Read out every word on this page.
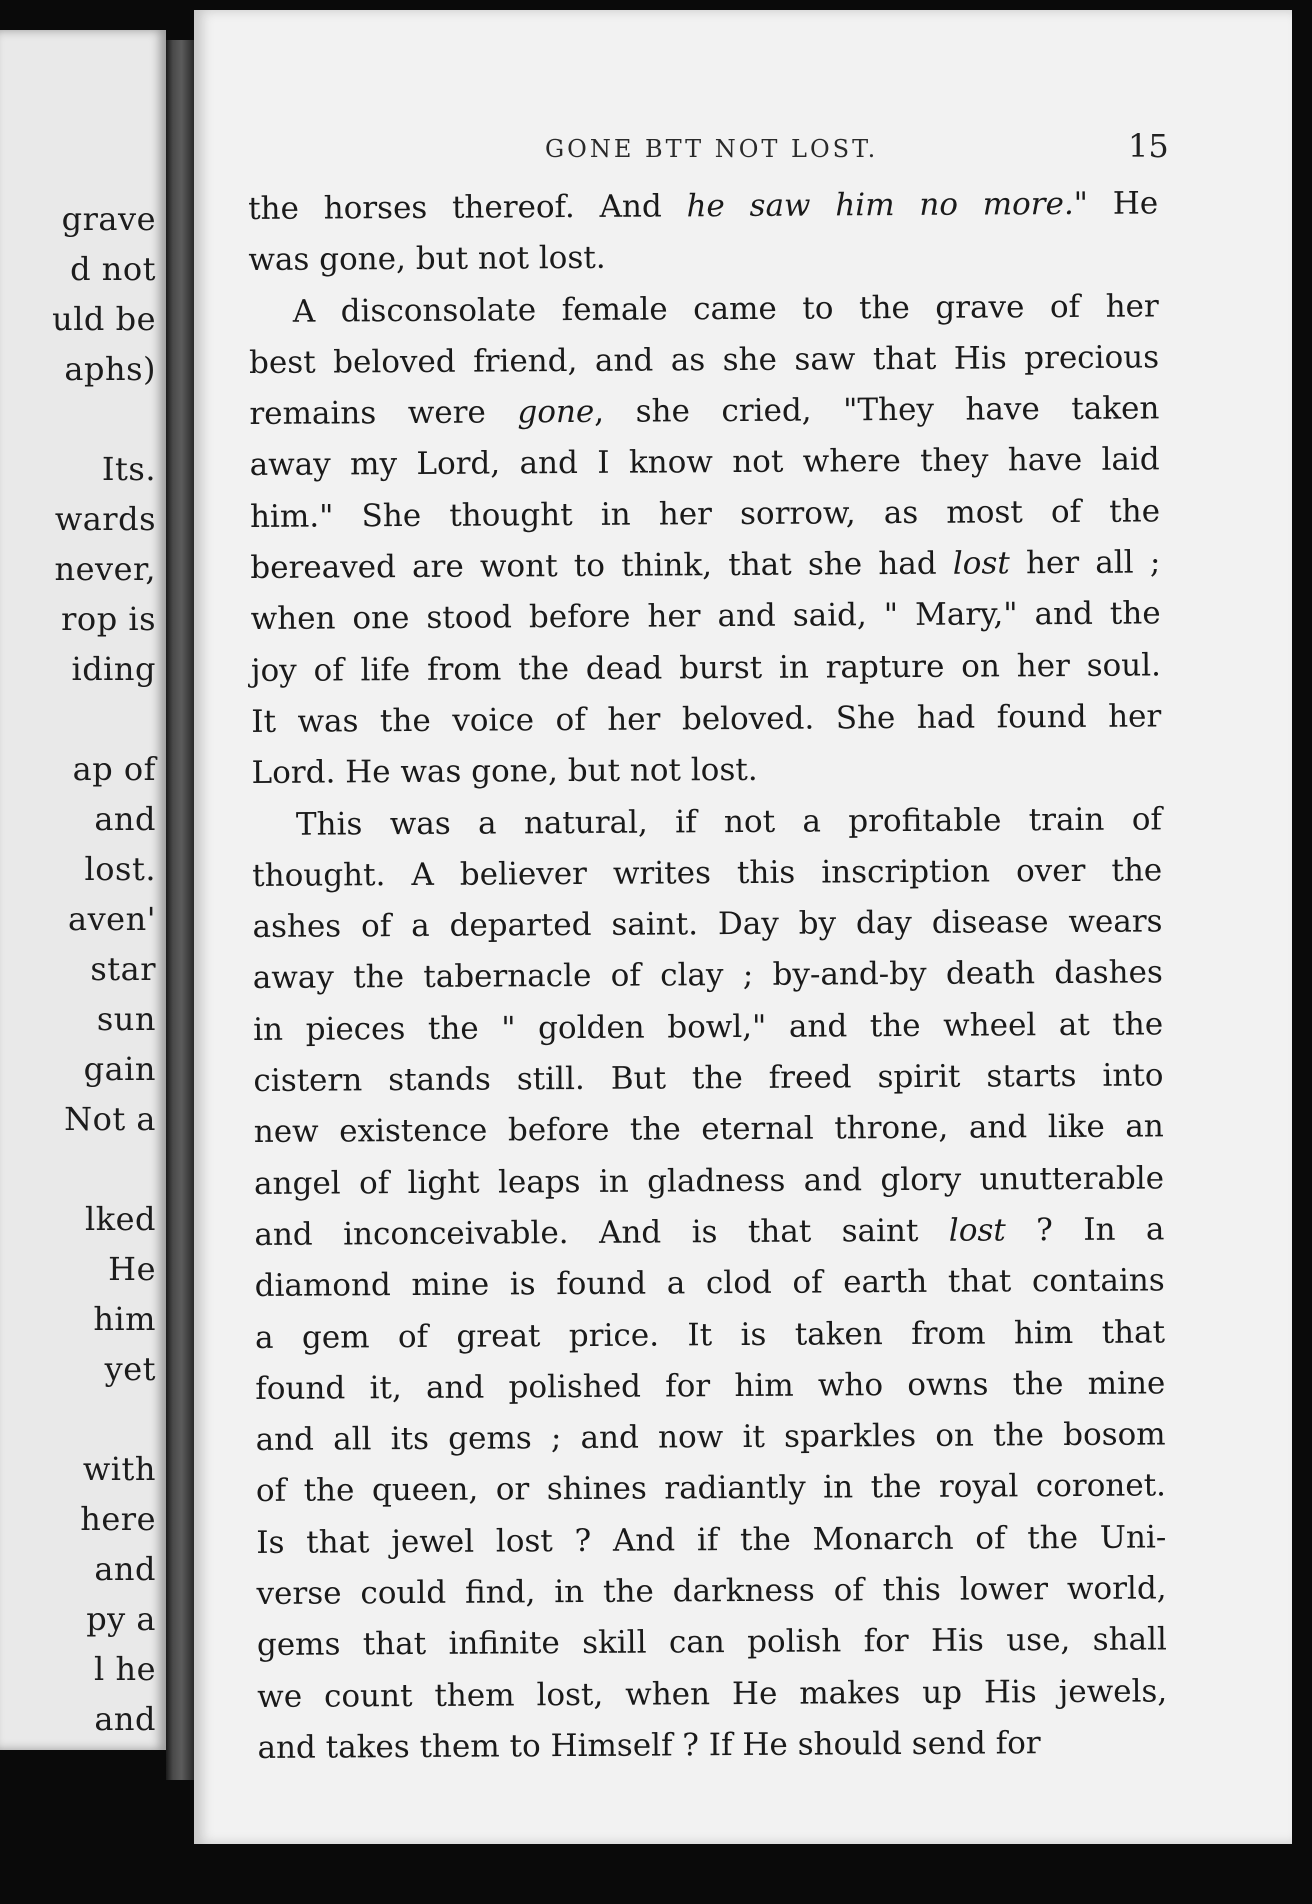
grave
d not
uld be
aphs)
Its.
wards
never,
rop is
iding
ap of
and
lost.
aven'
star
sun
gain
Not a
lked
He
him
yet
with
here
and
py a
l he
and
GONE BTT NOT LOST.	15
the horses thereof. And he saw him no more." He
was gone, but not lost.
A disconsolate female came to the grave of her
best beloved friend, and as she saw that His precious
remains were gone, she cried, "They have taken
away my Lord, and I know not where they have laid
him." She thought in her sorrow, as most of the
bereaved are wont to think, that she had lost her all ;
when one stood before her and said, " Mary," and the
joy of life from the dead burst in rapture on her soul.
It was the voice of her beloved. She had found her
Lord. He was gone, but not lost.
This was a natural, if not a profitable train of
thought. A believer writes this inscription over the
ashes of a departed saint. Day by day disease wears
away the tabernacle of clay ; by-and-by death dashes
in pieces the " golden bowl," and the wheel at the
cistern stands still. But the freed spirit starts into
new existence before the eternal throne, and like an
angel of light leaps in gladness and glory unutterable
and inconceivable. And is that saint lost ? In a
diamond mine is found a clod of earth that contains
a gem of great price. It is taken from him that
found it, and polished for him who owns the mine
and all its gems ; and now it sparkles on the bosom
of the queen, or shines radiantly in the royal coronet.
Is that jewel lost ? And if the Monarch of the Uni-
verse could find, in the darkness of this lower world,
gems that infinite skill can polish for His use, shall
we count them lost, when He makes up His jewels,
and takes them to Himself ? If He should send for
